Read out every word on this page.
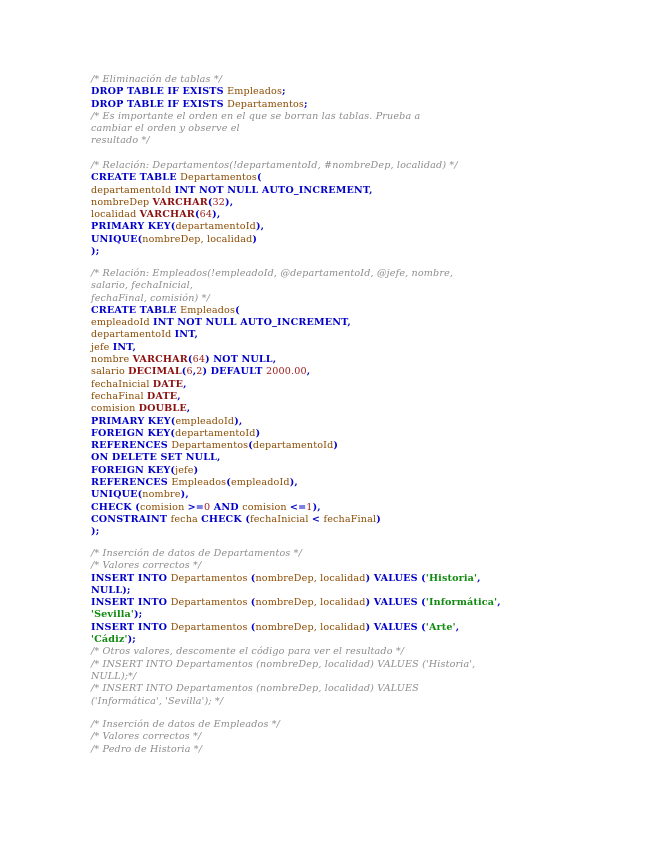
/* Eliminación de tablas */
DROP TABLE IF EXISTS Empleados;
DROP TABLE IF EXISTS Departamentos;
/* Es importante el orden en el que se borran las tablas. Prueba a
cambiar el orden y observe el
resultado */
/* Relación: Departamentos(!departamentoId, #nombreDep, localidad) */
CREATE TABLE Departamentos(
departamentoId INT NOT NULL AUTO_INCREMENT,
nombreDep VARCHAR(32),
localidad VARCHAR(64),
PRIMARY KEY(departamentoId),
UNIQUE(nombreDep, localidad)
);
/* Relación: Empleados(!empleadoId, @departamentoId, @jefe, nombre,
salario, fechaInicial,
fechaFinal, comisión) */
CREATE TABLE Empleados(
empleadoId INT NOT NULL AUTO_INCREMENT,
departamentoId INT,
jefe INT,
nombre VARCHAR(64) NOT NULL,
salario DECIMAL(6,2) DEFAULT 2000.00,
fechaInicial DATE,
fechaFinal DATE,
comision DOUBLE,
PRIMARY KEY(empleadoId),
FOREIGN KEY(departamentoId)
REFERENCES Departamentos(departamentoId)
ON DELETE SET NULL,
FOREIGN KEY(jefe)
REFERENCES Empleados(empleadoId),
UNIQUE(nombre),
CHECK (comision >=0 AND comision <=1),
CONSTRAINT fecha CHECK (fechaInicial < fechaFinal)
);
/* Inserción de datos de Departamentos */
/* Valores correctos */
INSERT INTO Departamentos (nombreDep, localidad) VALUES ('Historia',
NULL);
INSERT INTO Departamentos (nombreDep, localidad) VALUES ('Informática',
'Sevilla');
INSERT INTO Departamentos (nombreDep, localidad) VALUES ('Arte',
'Cádiz');
/* Otros valores, descomente el código para ver el resultado */
/* INSERT INTO Departamentos (nombreDep, localidad) VALUES ('Historia',
NULL);*/
/* INSERT INTO Departamentos (nombreDep, localidad) VALUES
('Informática', 'Sevilla'); */
/* Inserción de datos de Empleados */
/* Valores correctos */
/* Pedro de Historia */
